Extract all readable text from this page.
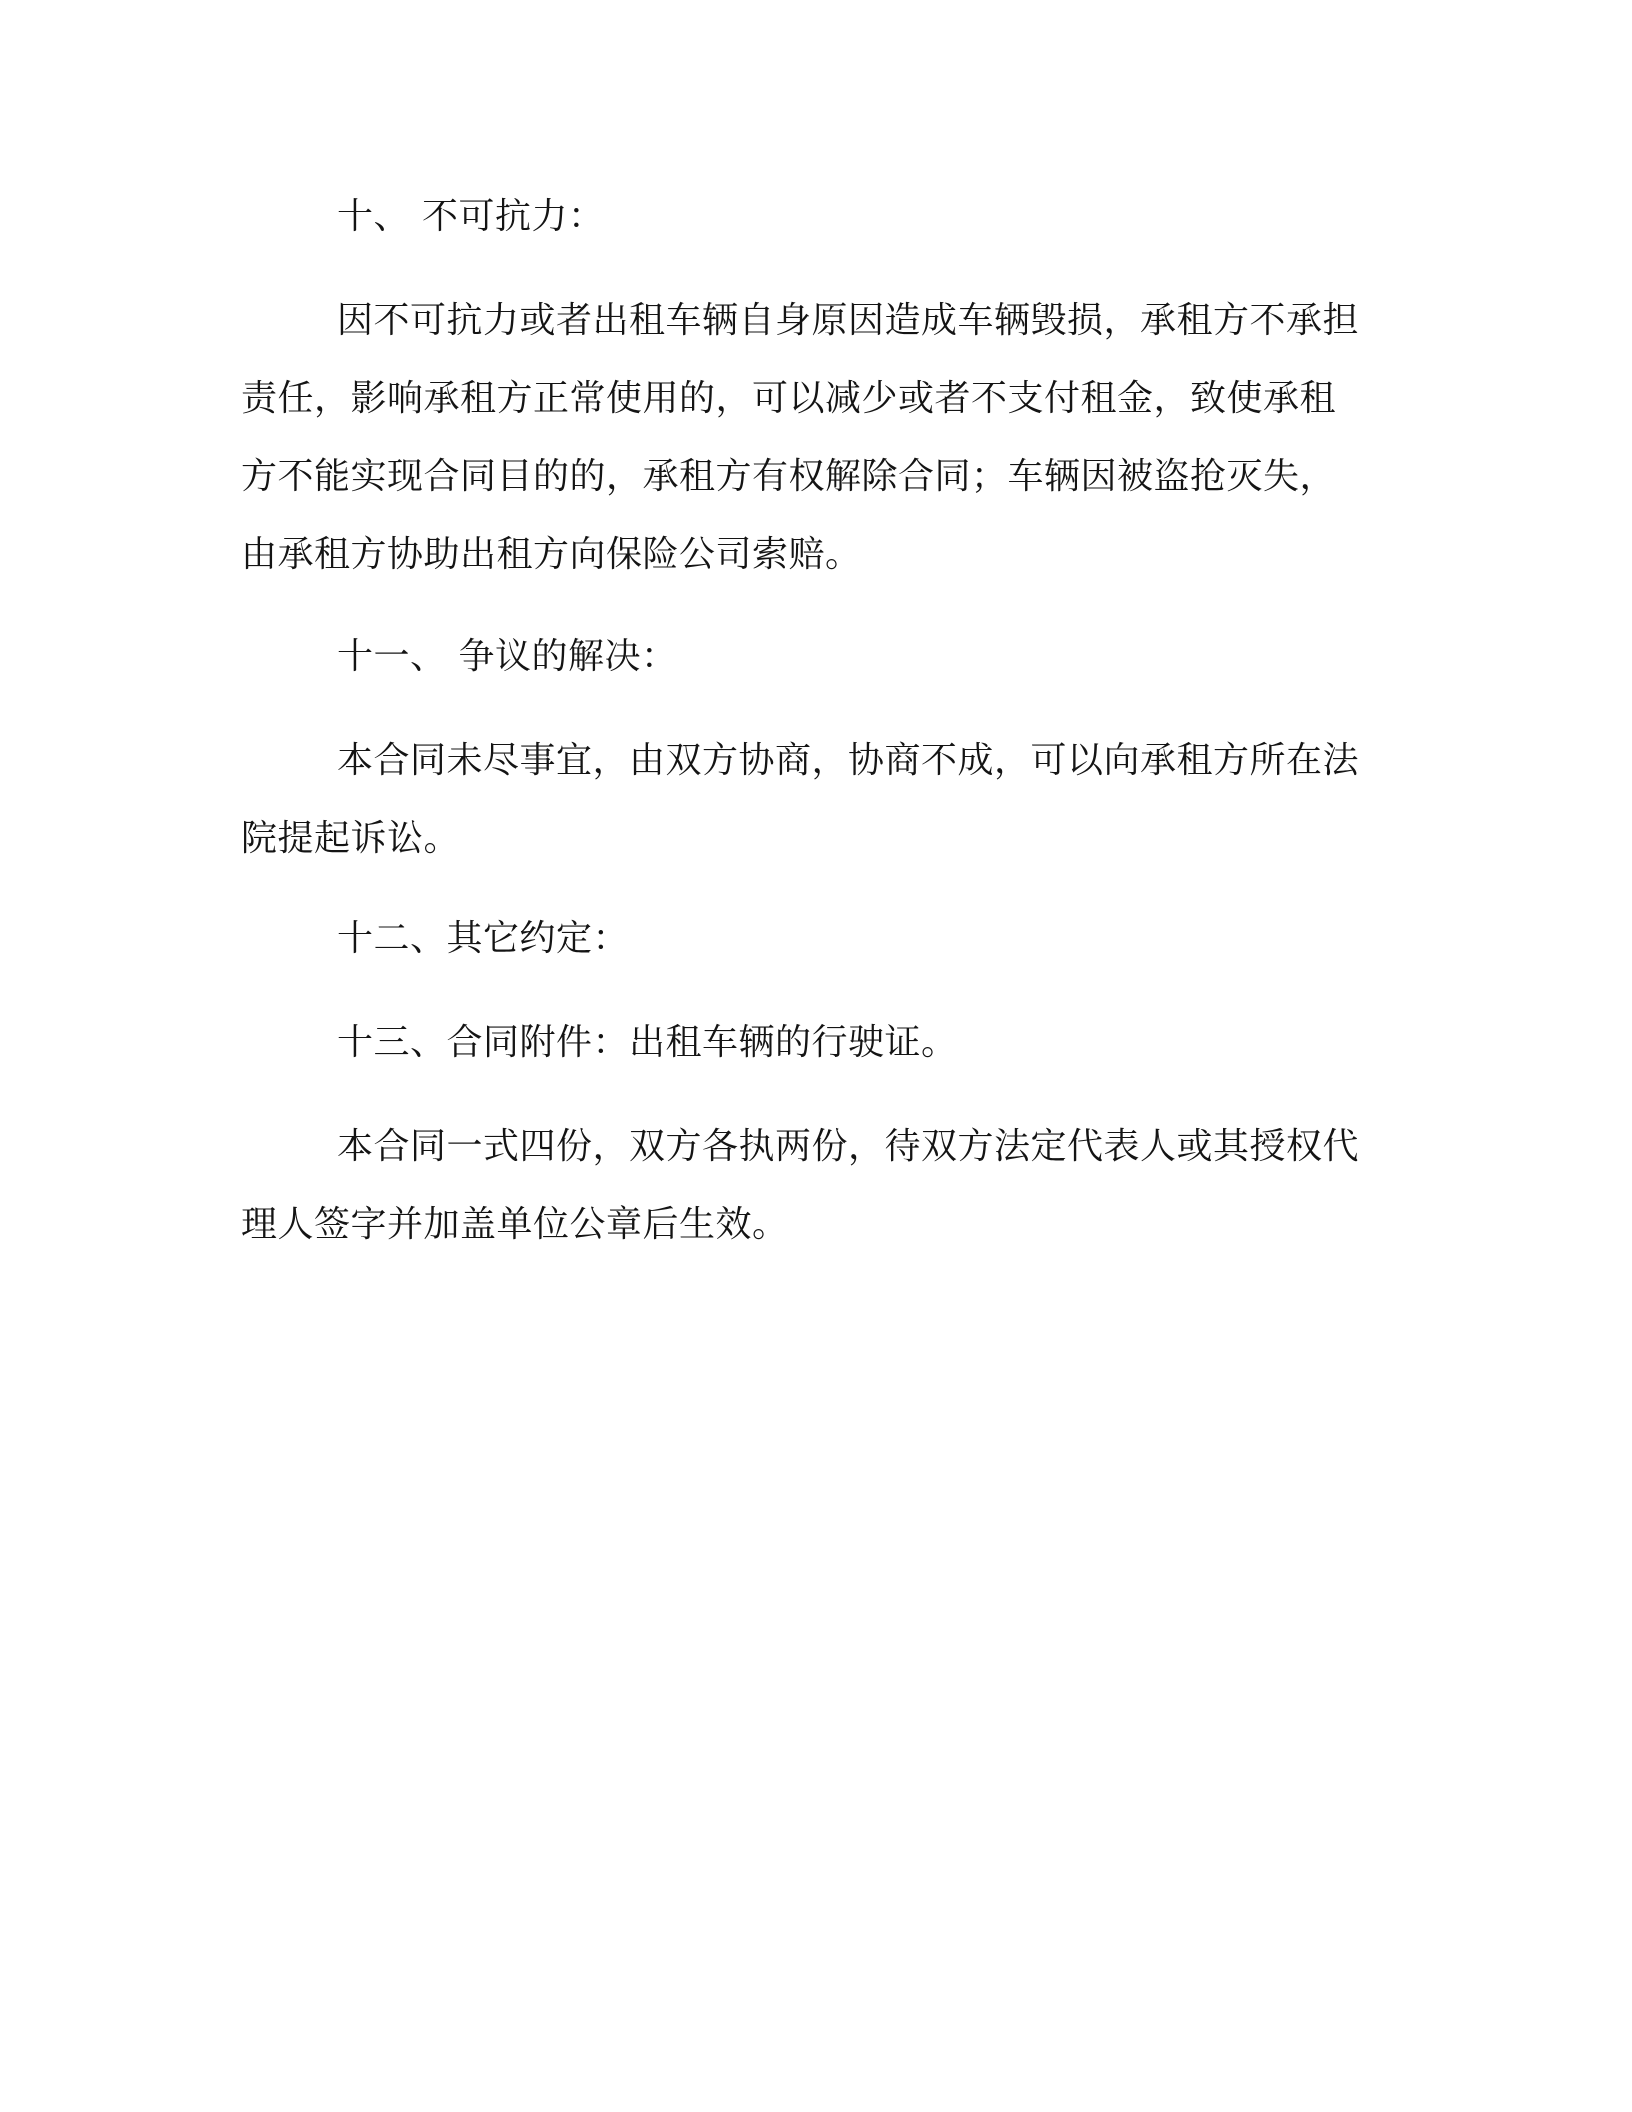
十、 不可抗力：

因不可抗力或者出租车辆自身原因造成车辆毁损，承租方不承担
责任，影响承租方正常使用的，可以减少或者不支付租金，致使承租
方不能实现合同目的的，承租方有权解除合同；车辆因被盗抢灭失，
由承租方协助出租方向保险公司索赔。

十一、 争议的解决：

本合同未尽事宜，由双方协商，协商不成，可以向承租方所在法
院提起诉讼。

十二、其它约定：

十三、合同附件：出租车辆的行驶证。

本合同一式四份，双方各执两份，待双方法定代表人或其授权代
理人签字并加盖单位公章后生效。
